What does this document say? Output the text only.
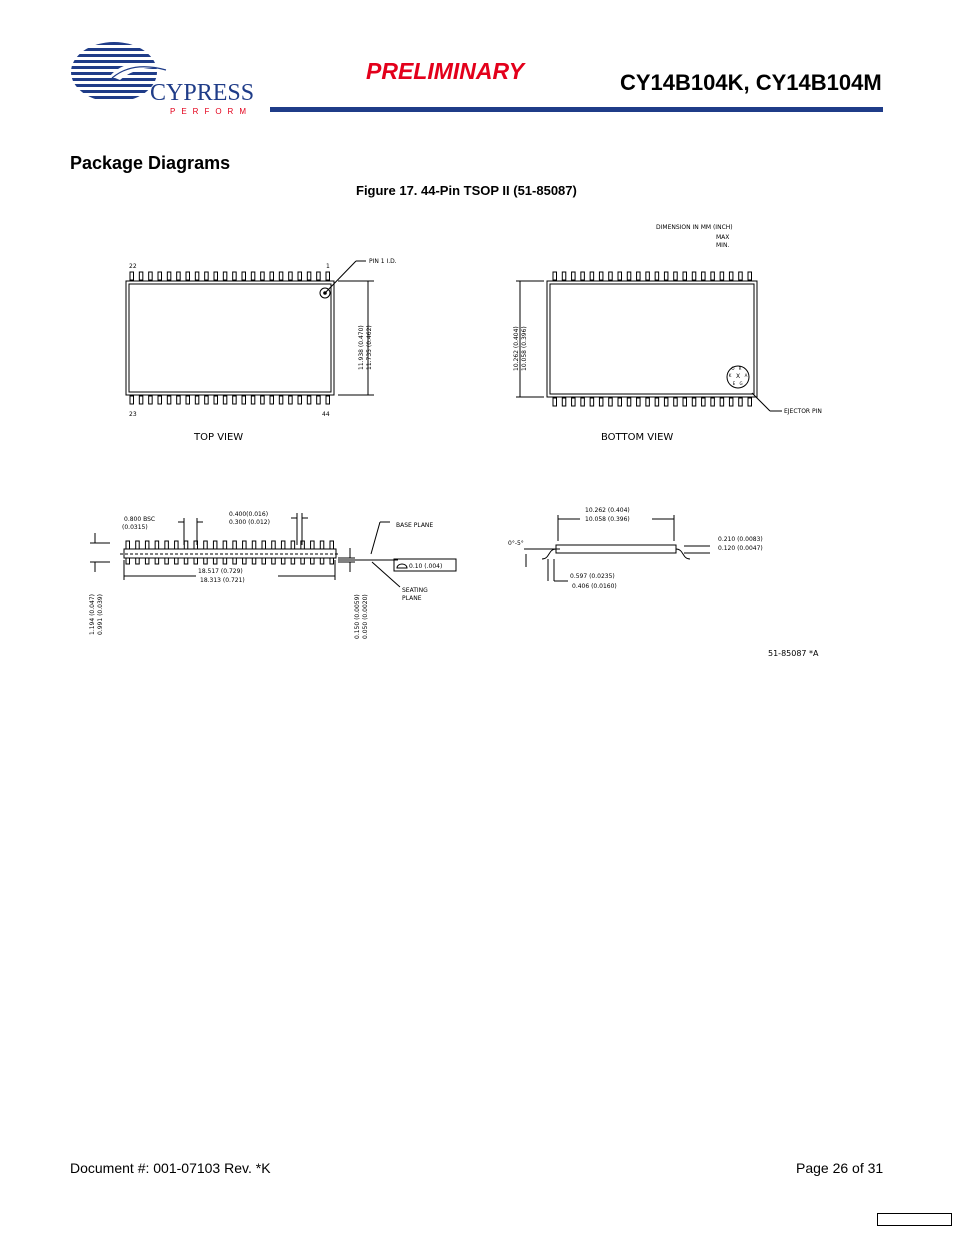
CYPRESS
PERFORM
PRELIMINARY	CY14B104K, CY14B104M
Package Diagrams
Figure 17. 44-Pin TSOP II (51-85087)
DIMENSION IN MM (INCH)
MAX
MIN.
22	1
23	44
PIN 1 I.D.
11.938 (0.470) 11.735 (0.462)
TOP VIEW
O R
K	A
X
E G
10.262 (0.404) 10.058 (0.396)
EJECTOR PIN
BOTTOM VIEW
0.800 BSC
(0.0315)
0.400(0.016)
0.300 (0.012)	BASE PLANE
18.517 (0.729)
18.313 (0.721)
0.10 (.004)
SEATING
PLANE
1.194 (0.047) 0.991 (0.039)	0.150 (0.0059) 0.050 (0.0020)
10.262 (0.404)
10.058 (0.396)
0°-5°
0.210 (0.0083)
0.120 (0.0047)
0.597 (0.0235)
0.406 (0.0160)
51-85087 *A
Document #: 001-07103 Rev. *K	Page 26 of 31
